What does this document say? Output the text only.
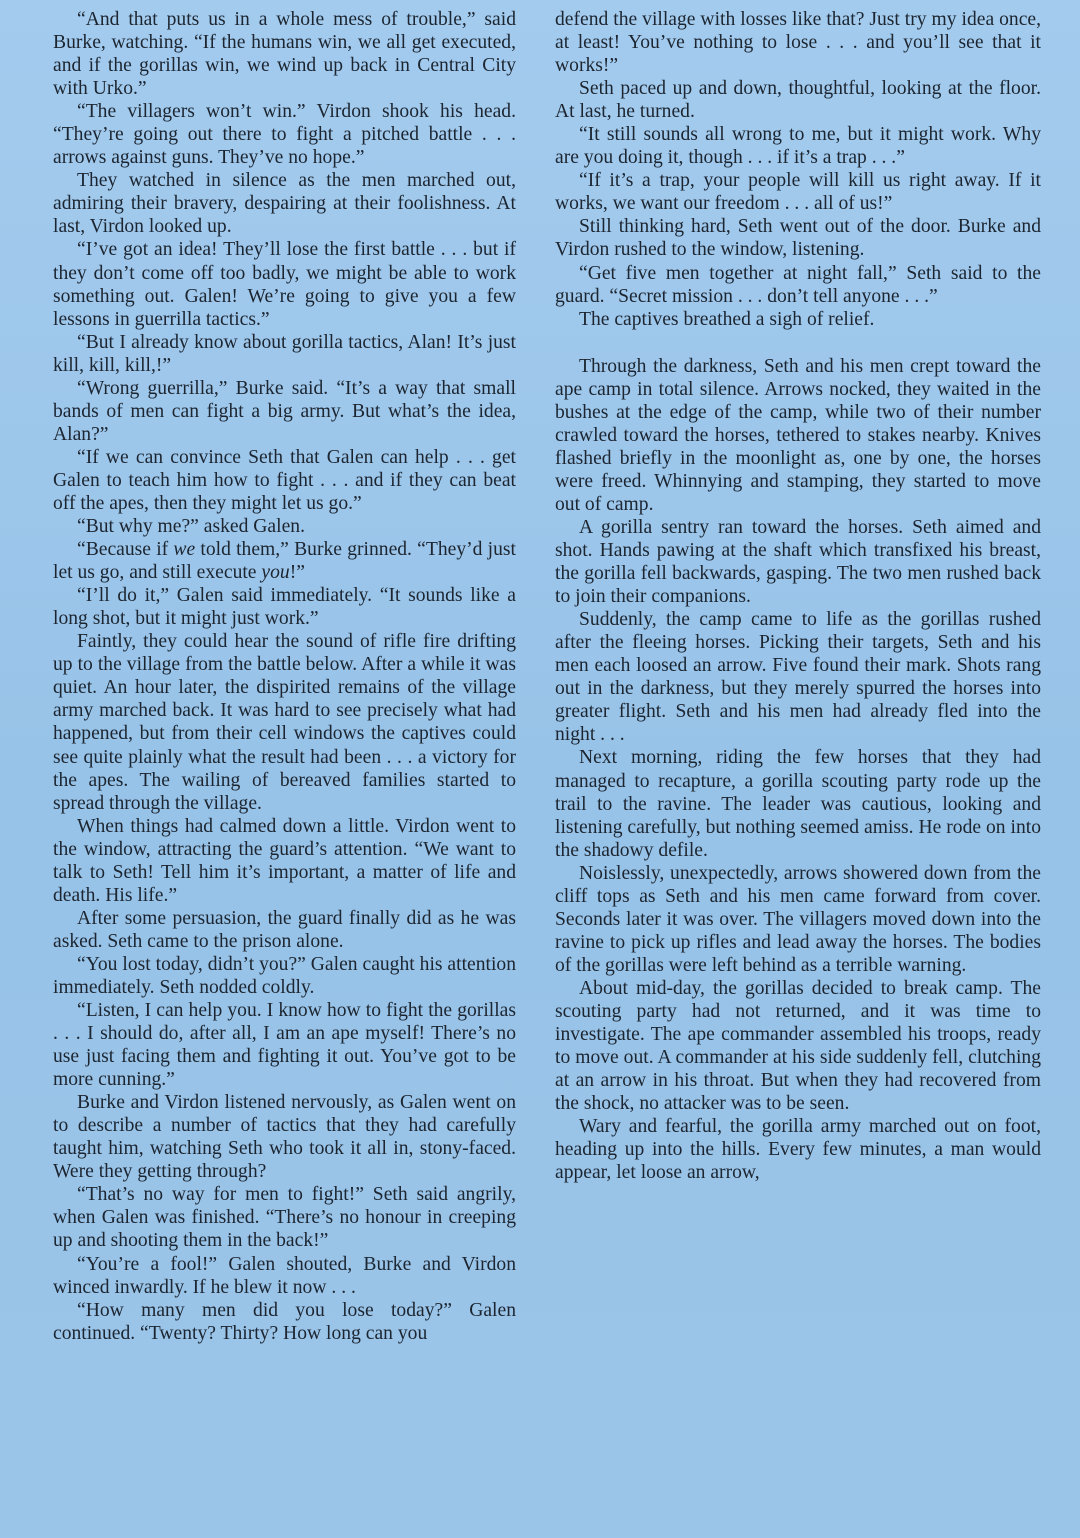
“And that puts us in a whole mess of trouble,” said Burke, watching. “If the humans win, we all get executed, and if the gorillas win, we wind up back in Central City with Urko.”

“The villagers won’t win.” Virdon shook his head. “They’re going out there to fight a pitched battle . . . arrows against guns. They’ve no hope.”

They watched in silence as the men marched out, admiring their bravery, despairing at their foolishness. At last, Virdon looked up.

“I’ve got an idea! They’ll lose the first battle . . . but if they don’t come off too badly, we might be able to work something out. Galen! We’re going to give you a few lessons in guerrilla tactics.”

“But I already know about gorilla tactics, Alan! It’s just kill, kill, kill,!”

“Wrong guerrilla,” Burke said. “It’s a way that small bands of men can fight a big army. But what’s the idea, Alan?”

“If we can convince Seth that Galen can help . . . get Galen to teach him how to fight . . . and if they can beat off the apes, then they might let us go.”

“But why me?” asked Galen.

“Because if we told them,” Burke grinned. “They’d just let us go, and still execute you!”

“I’ll do it,” Galen said immediately. “It sounds like a long shot, but it might just work.”

Faintly, they could hear the sound of rifle fire drifting up to the village from the battle below. After a while it was quiet. An hour later, the dispirited remains of the village army marched back. It was hard to see precisely what had happened, but from their cell windows the captives could see quite plainly what the result had been . . . a victory for the apes. The wailing of bereaved families started to spread through the village.

When things had calmed down a little. Virdon went to the window, attracting the guard’s attention. “We want to talk to Seth! Tell him it’s important, a matter of life and death. His life.”

After some persuasion, the guard finally did as he was asked. Seth came to the prison alone.

“You lost today, didn’t you?” Galen caught his attention immediately. Seth nodded coldly.

“Listen, I can help you. I know how to fight the gorillas . . . I should do, after all, I am an ape myself! There’s no use just facing them and fighting it out. You’ve got to be more cunning.”

Burke and Virdon listened nervously, as Galen went on to describe a number of tactics that they had carefully taught him, watching Seth who took it all in, stony-faced. Were they getting through?

“That’s no way for men to fight!” Seth said angrily, when Galen was finished. “There’s no honour in creeping up and shooting them in the back!”

“You’re a fool!” Galen shouted, Burke and Virdon winced inwardly. If he blew it now . . .

“How many men did you lose today?” Galen continued. “Twenty? Thirty? How long can you

defend the village with losses like that? Just try my idea once, at least! You’ve nothing to lose . . . and you’ll see that it works!”

Seth paced up and down, thoughtful, looking at the floor. At last, he turned.

“It still sounds all wrong to me, but it might work. Why are you doing it, though . . . if it’s a trap . . .”

“If it’s a trap, your people will kill us right away. If it works, we want our freedom . . . all of us!”

Still thinking hard, Seth went out of the door. Burke and Virdon rushed to the window, listening.

“Get five men together at night fall,” Seth said to the guard. “Secret mission . . . don’t tell anyone . . .”

The captives breathed a sigh of relief.

Through the darkness, Seth and his men crept toward the ape camp in total silence. Arrows nocked, they waited in the bushes at the edge of the camp, while two of their number crawled toward the horses, tethered to stakes nearby. Knives flashed briefly in the moonlight as, one by one, the horses were freed. Whinnying and stamping, they started to move out of camp.

A gorilla sentry ran toward the horses. Seth aimed and shot. Hands pawing at the shaft which transfixed his breast, the gorilla fell backwards, gasping. The two men rushed back to join their companions.

Suddenly, the camp came to life as the gorillas rushed after the fleeing horses. Picking their targets, Seth and his men each loosed an arrow. Five found their mark. Shots rang out in the darkness, but they merely spurred the horses into greater flight. Seth and his men had already fled into the night . . .

Next morning, riding the few horses that they had managed to recapture, a gorilla scouting party rode up the trail to the ravine. The leader was cautious, looking and listening carefully, but nothing seemed amiss. He rode on into the shadowy defile.

Noislessly, unexpectedly, arrows showered down from the cliff tops as Seth and his men came forward from cover. Seconds later it was over. The villagers moved down into the ravine to pick up rifles and lead away the horses. The bodies of the gorillas were left behind as a terrible warning.

About mid-day, the gorillas decided to break camp. The scouting party had not returned, and it was time to investigate. The ape commander assembled his troops, ready to move out. A commander at his side suddenly fell, clutching at an arrow in his throat. But when they had recovered from the shock, no attacker was to be seen.

Wary and fearful, the gorilla army marched out on foot, heading up into the hills. Every few minutes, a man would appear, let loose an arrow,
